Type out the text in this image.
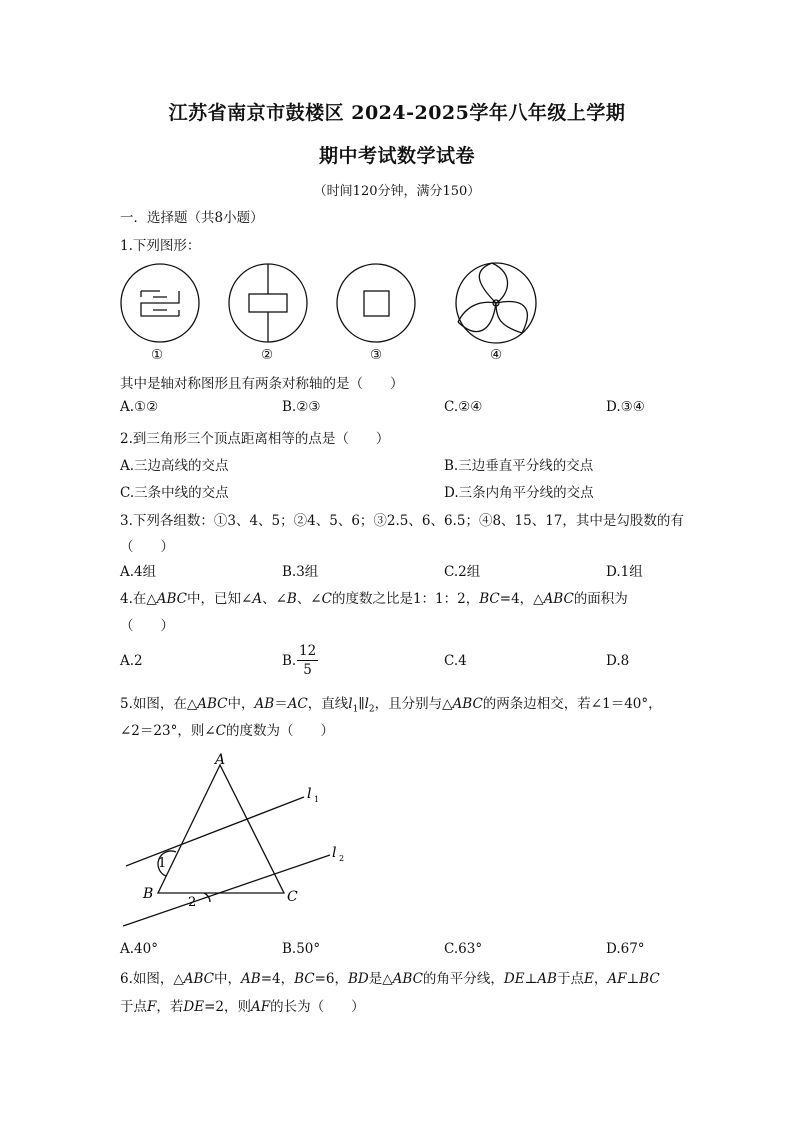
江苏省南京市鼓楼区 2024-2025学年八年级上学期
期中考试数学试卷
（时间120分钟，满分150）
一．选择题（共8小题）
1.下列图形：
①	②	③	④
其中是轴对称图形且有两条对称轴的是（　　）
A.①②	B.②③	C.②④	D.③④
2.到三角形三个顶点距离相等的点是（　　）
A.三边高线的交点	B.三边垂直平分线的交点
C.三条中线的交点	D.三条内角平分线的交点
3.下列各组数：①3、4、5；②4、5、6；③2.5、6、6.5；④8、15、17，其中是勾股数的有
（　　）
A.4组	B.3组	C.2组	D.1组
4.在△ABC中，已知∠A、∠B、∠C的度数之比是1：1：2，BC=4，△ABC的面积为
（　　）
A.2	B. $\frac{12}{5}$	C.4	D.8
5.如图，在△ABC中，AB＝AC，直线$l_1\parallel l_2$，且分别与△ABC的两条边相交，若∠1＝40°，
∠2＝23°，则∠C的度数为（　　）
A
B	C
l 1
l 2
1
2
A.40°	B.50°	C.63°	D.67°
6.如图，△ABC中，AB=4，BC=6，BD是△ABC的角平分线，DE⊥AB于点E，AF⊥BC
于点F，若DE=2，则AF的长为（　　）
